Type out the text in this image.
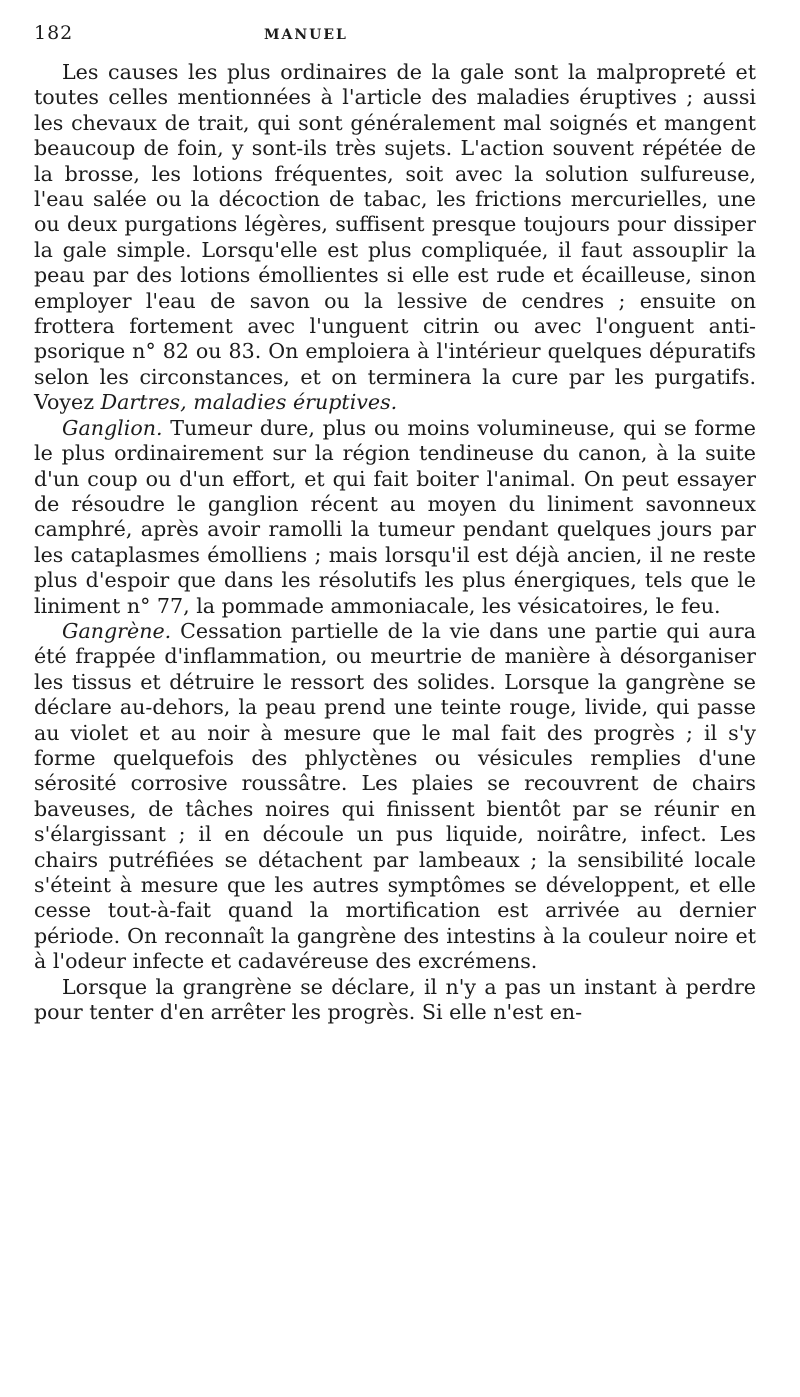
182	MANUEL

Les causes les plus ordinaires de la gale sont la malpropreté et toutes celles mentionnées à l'article des maladies éruptives ; aussi les chevaux de trait, qui sont généralement mal soignés et mangent beaucoup de foin, y sont-ils très sujets. L'action souvent répétée de la brosse, les lotions fréquentes, soit avec la solution sulfureuse, l'eau salée ou la décoction de tabac, les frictions mercurielles, une ou deux purgations légères, suffisent presque toujours pour dissiper la gale simple. Lorsqu'elle est plus compliquée, il faut assouplir la peau par des lotions émollientes si elle est rude et écailleuse, sinon employer l'eau de savon ou la lessive de cendres ; ensuite on frottera fortement avec l'unguent citrin ou avec l'onguent anti-psorique n° 82 ou 83. On emploiera à l'intérieur quelques dépuratifs selon les circonstances, et on terminera la cure par les purgatifs. Voyez Dartres, maladies éruptives.

Ganglion. Tumeur dure, plus ou moins volumineuse, qui se forme le plus ordinairement sur la région tendineuse du canon, à la suite d'un coup ou d'un effort, et qui fait boiter l'animal. On peut essayer de résoudre le ganglion récent au moyen du liniment savonneux camphré, après avoir ramolli la tumeur pendant quelques jours par les cataplasmes émolliens ; mais lorsqu'il est déjà ancien, il ne reste plus d'espoir que dans les résolutifs les plus énergiques, tels que le liniment n° 77, la pommade ammoniacale, les vésicatoires, le feu.

Gangrène. Cessation partielle de la vie dans une partie qui aura été frappée d'inflammation, ou meurtrie de manière à désorganiser les tissus et détruire le ressort des solides. Lorsque la gangrène se déclare au-dehors, la peau prend une teinte rouge, livide, qui passe au violet et au noir à mesure que le mal fait des progrès ; il s'y forme quelquefois des phlyctènes ou vésicules remplies d'une sérosité corrosive roussâtre. Les plaies se recouvrent de chairs baveuses, de tâches noires qui finissent bientôt par se réunir en s'élargissant ; il en découle un pus liquide, noirâtre, infect. Les chairs putréfiées se détachent par lambeaux ; la sensibilité locale s'éteint à mesure que les autres symptômes se développent, et elle cesse tout-à-fait quand la mortification est arrivée au dernier période. On reconnaît la gangrène des intestins à la couleur noire et à l'odeur infecte et cadavéreuse des excrémens.

Lorsque la grangrène se déclare, il n'y a pas un instant à perdre pour tenter d'en arrêter les progrès. Si elle n'est en-
